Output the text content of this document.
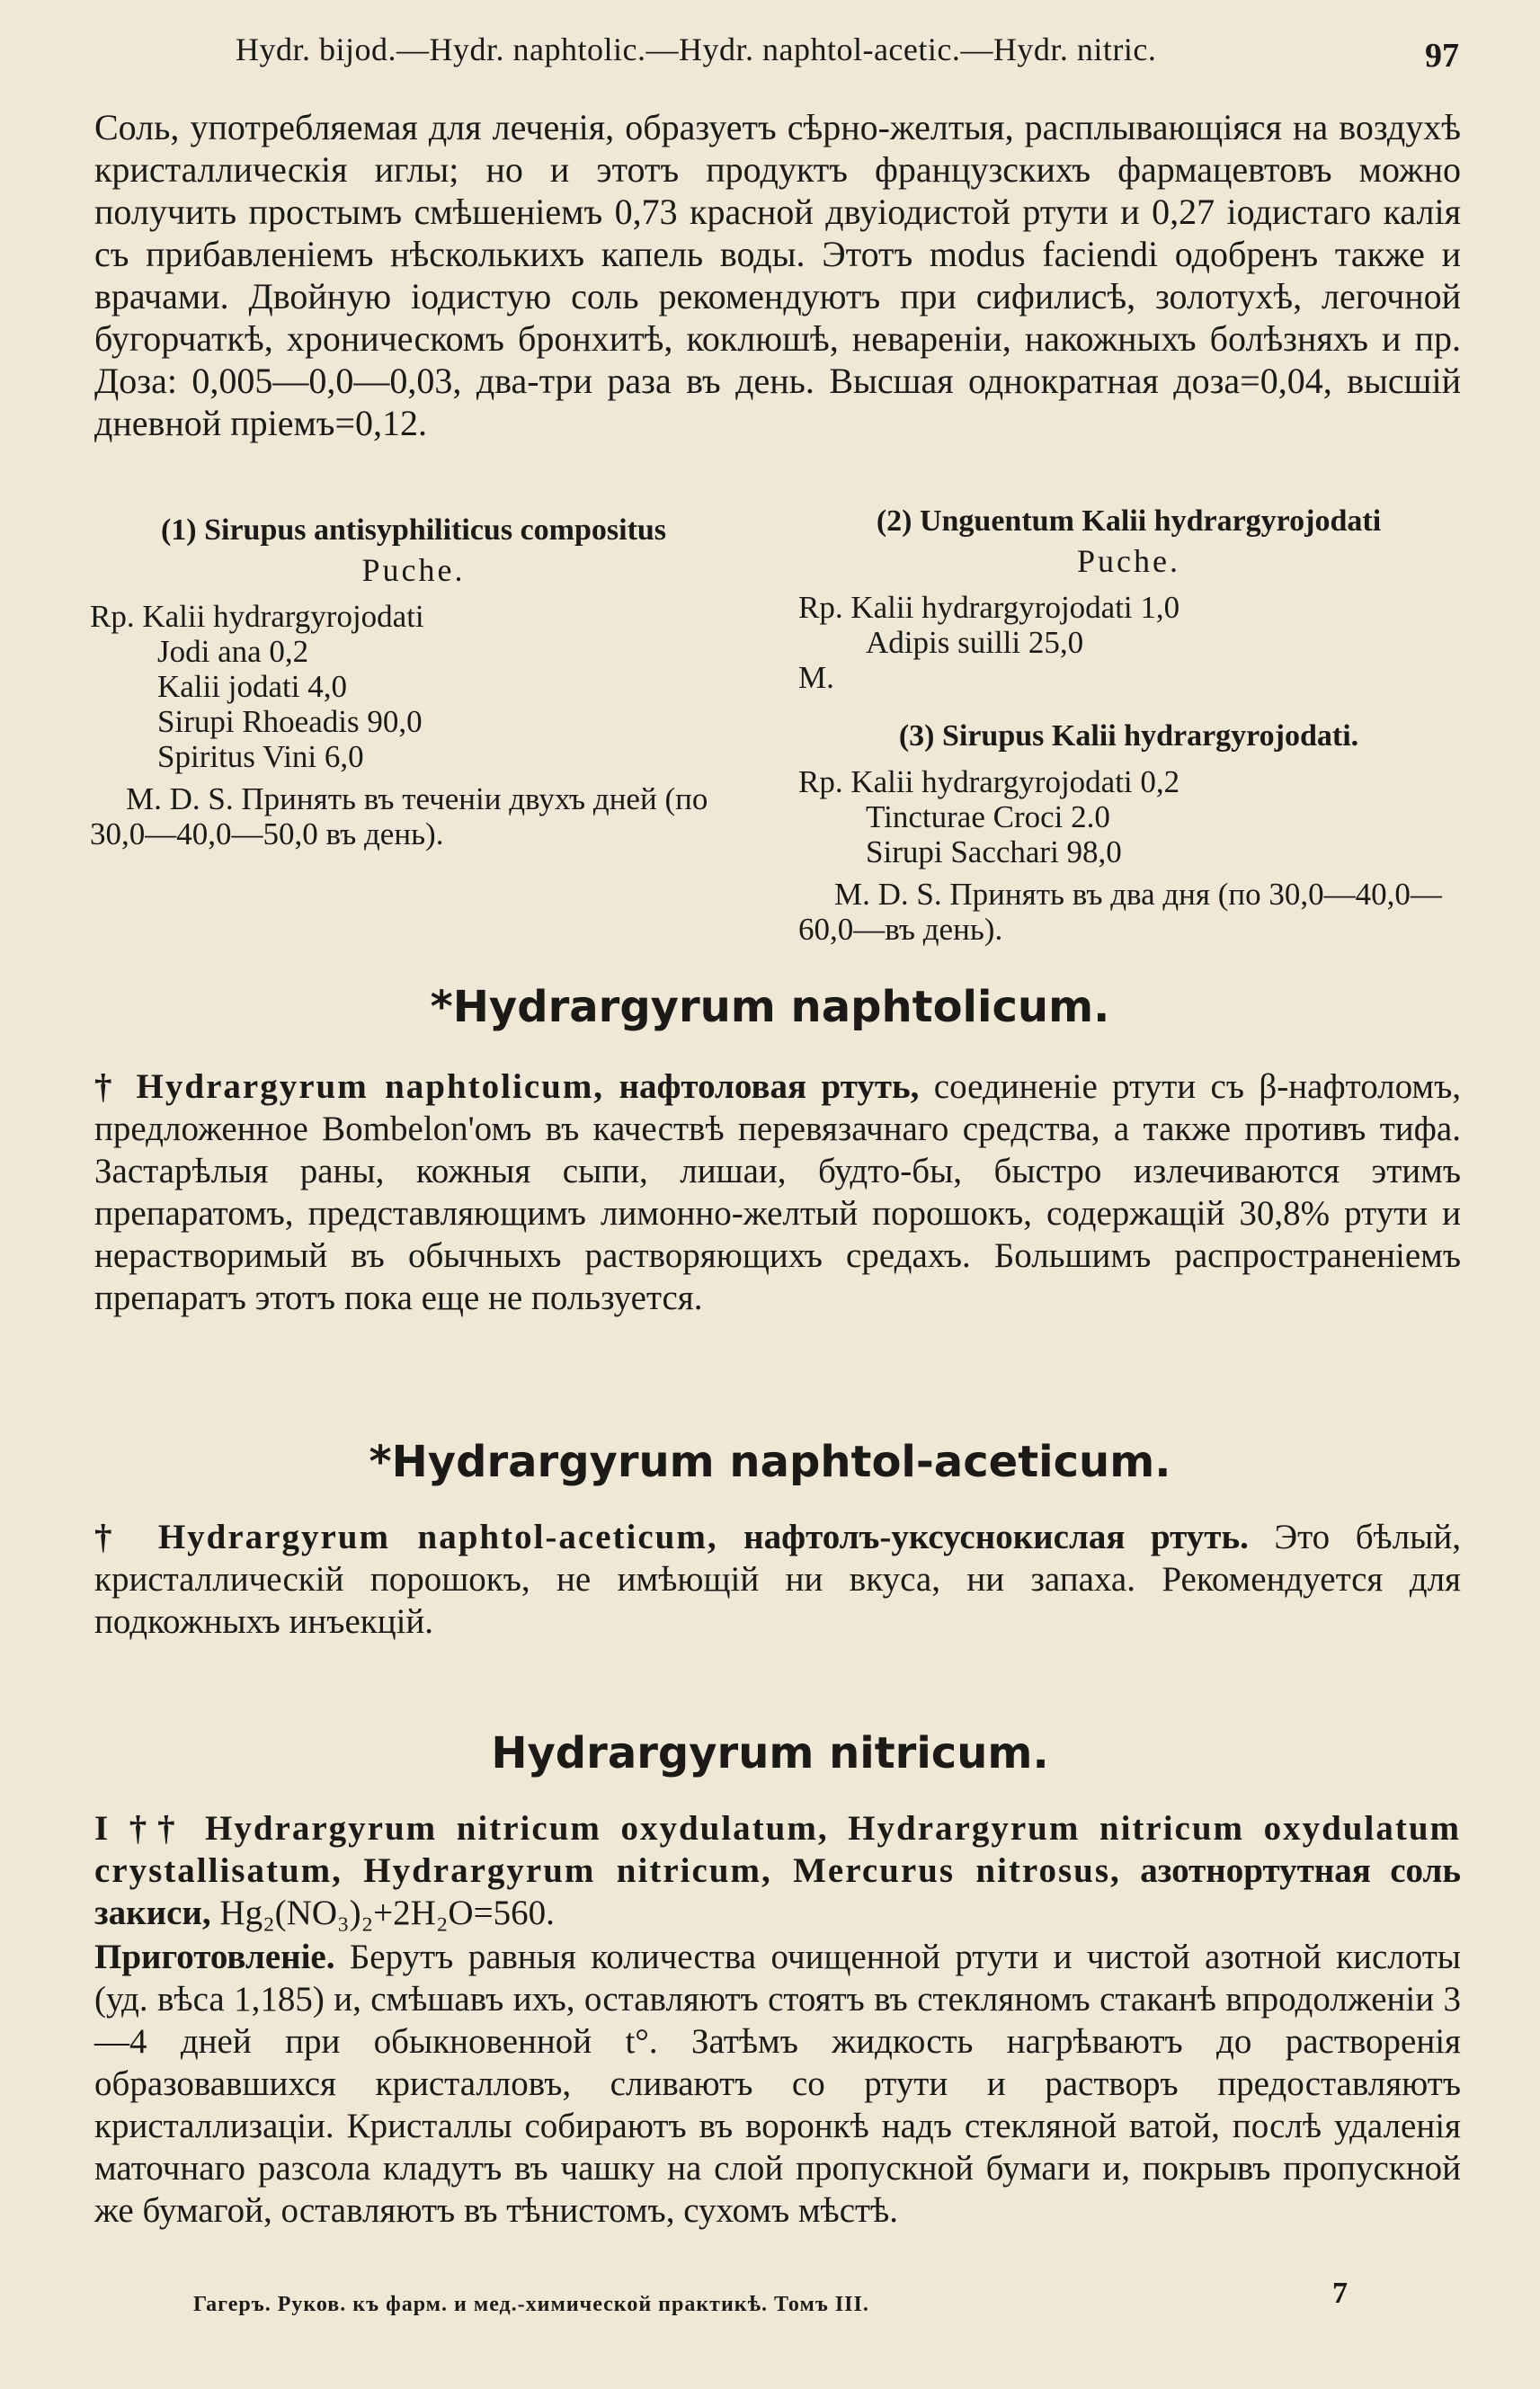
Hydr. bijod.—Hydr. naphtolic.—Hydr. naphtol-acetic.—Hydr. nitric.	97
Соль, употребляемая для леченія, образуетъ сѣрно-желтыя, расплывающіяся на воздухѣ кристаллическія иглы; но и этотъ продуктъ французскихъ фармацевтовъ можно получить простымъ смѣшеніемъ 0,73 красной двуіодистой ртути и 0,27 іодистаго калія съ прибавленіемъ нѣсколькихъ капель воды. Этотъ modus faciendi одобренъ также и врачами. Двойную іодистую соль рекомендуютъ при сифилисѣ, золотухѣ, легочной бугорчаткѣ, хроническомъ бронхитѣ, коклюшѣ, невареніи, накожныхъ болѣзняхъ и пр. Доза: 0,005—0,0—0,03, два-три раза въ день. Высшая однократная доза=0,04, высшій дневной пріемъ=0,12.
(1) Sirupus antisyphiliticus compositus
Puche.
Rp. Kalii hydrargyrojodati
Jodi ana 0,2
Kalii jodati 4,0
Sirupi Rhoeadis 90,0
Spiritus Vini 6,0
M. D. S. Принять въ теченіи двухъ дней (по 30,0—40,0—50,0 въ день).
(2) Unguentum Kalii hydrargyrojodati
Puche.
Rp. Kalii hydrargyrojodati 1,0
Adipis suilli 25,0
M.
(3) Sirupus Kalii hydrargyrojodati.
Rp. Kalii hydrargyrojodati 0,2
Tincturae Croci 2.0
Sirupi Sacchari 98,0
M. D. S. Принять въ два дня (по 30,0—40,0—60,0—въ день).
*Hydrargyrum naphtolicum.
† Hydrargyrum naphtolicum, нафтоловая ртуть, соединеніе ртути съ β-нафтоломъ, предложенное Bombelon'омъ въ качествѣ перевязачнаго средства, а также противъ тифа. Застарѣлыя раны, кожныя сыпи, лишаи, будто-бы, быстро излечиваются этимъ препаратомъ, представляющимъ лимонно-желтый порошокъ, содержащій 30,8% ртути и нерастворимый въ обычныхъ растворяющихъ средахъ. Большимъ распространеніемъ препаратъ этотъ пока еще не пользуется.
*Hydrargyrum naphtol-aceticum.
† Hydrargyrum naphtol-aceticum, нафтолъ-уксуснокислая ртуть. Это бѣлый, кристаллическій порошокъ, не имѣющій ни вкуса, ни запаха. Рекомендуется для подкожныхъ инъекцій.
Hydrargyrum nitricum.
I †† Hydrargyrum nitricum oxydulatum, Hydrargyrum nitricum oxydulatum crystallisatum, Hydrargyrum nitricum, Mercurus nitrosus, азотнортутная соль закиси, Hg₂(NO₃)₂+2H₂O=560.
Приготовленіе. Берутъ равныя количества очищенной ртути и чистой азотной кислоты (уд. вѣса 1,185) и, смѣшавъ ихъ, оставляютъ стоятъ въ стекляномъ стаканѣ впродолженіи 3—4 дней при обыкновенной t°. Затѣмъ жидкость нагрѣваютъ до растворенія образовавшихся кристалловъ, сливаютъ со ртути и растворъ предоставляютъ кристаллизаціи. Кристаллы собираютъ въ воронкѣ надъ стекляной ватой, послѣ удаленія маточнаго разсола кладутъ въ чашку на слой пропускной бумаги и, покрывъ пропускной же бумагой, оставляютъ въ тѣнистомъ, сухомъ мѣстѣ.
Гагеръ. Руков. къ фарм. и мед.-химической практикѣ. Томъ III.	7
